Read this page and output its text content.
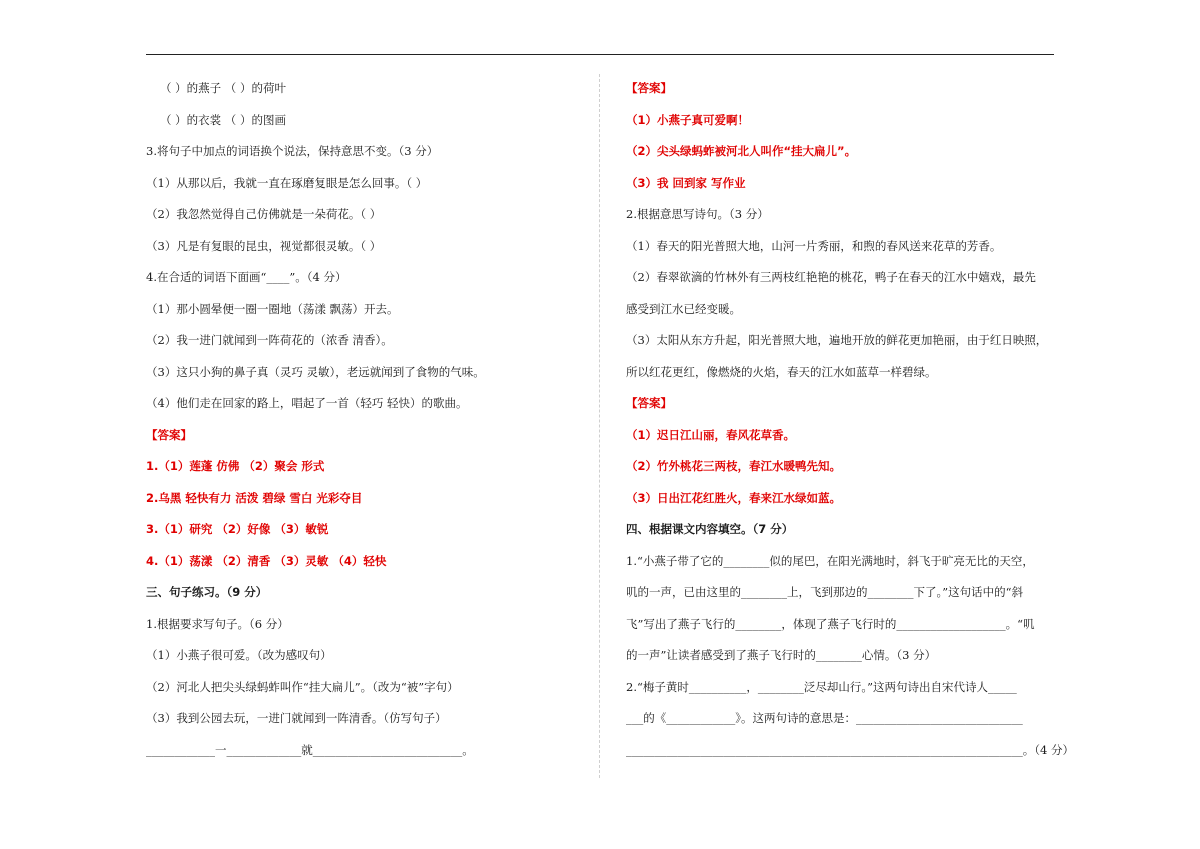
（ ）的燕子 （ ）的荷叶
（ ）的衣裳 （ ）的图画
3.将句子中加点的词语换个说法，保持意思不变。（3 分）
（1）从那以后，我就一直在琢磨复眼是怎么回事。（ ）
（2）我忽然觉得自己仿佛就是一朵荷花。（ ）
（3）凡是有复眼的昆虫，视觉都很灵敏。（ ）
4.在合适的词语下面画“____”。（4 分）
（1）那小圆晕便一圈一圈地（荡漾 飘荡）开去。
（2）我一进门就闻到一阵荷花的（浓香 清香）。
（3）这只小狗的鼻子真（灵巧 灵敏），老远就闻到了食物的气味。
（4）他们走在回家的路上，唱起了一首（轻巧 轻快）的歌曲。
【答案】
1.（1）莲蓬 仿佛 （2）聚会 形式
2.乌黑 轻快有力 活泼 碧绿 雪白 光彩夺目
3.（1）研究 （2）好像 （3）敏锐
4.（1）荡漾 （2）清香 （3）灵敏 （4）轻快
三、句子练习。（9 分）
1.根据要求写句子。（6 分）
（1）小燕子很可爱。（改为感叹句）
（2）河北人把尖头绿蚂蚱叫作“挂大扁儿”。（改为“被”字句）
（3）我到公园去玩，一进门就闻到一阵清香。（仿写句子）
____________一_____________就__________________________。
【答案】
（1）小燕子真可爱啊！
（2）尖头绿蚂蚱被河北人叫作“挂大扁儿”。
（3）我 回到家 写作业
2.根据意思写诗句。（3 分）
（1）春天的阳光普照大地，山河一片秀丽，和煦的春风送来花草的芳香。
（2）春翠欲滴的竹林外有三两枝红艳艳的桃花，鸭子在春天的江水中嬉戏，最先
感受到江水已经变暖。
（3）太阳从东方升起，阳光普照大地，遍地开放的鲜花更加艳丽，由于红日映照，
所以红花更红，像燃烧的火焰，春天的江水如蓝草一样碧绿。
【答案】
（1）迟日江山丽，春风花草香。
（2）竹外桃花三两枝，春江水暖鸭先知。
（3）日出江花红胜火，春来江水绿如蓝。
四、根据课文内容填空。（7 分）
1.“小燕子带了它的________似的尾巴，在阳光满地时，斜飞于旷亮无比的天空，
叽的一声，已由这里的________上，飞到那边的________下了。”这句话中的“斜
飞”写出了燕子飞行的________，体现了燕子飞行时的___________________。“叽
的一声”让读者感受到了燕子飞行时的________心情。（3 分）
2.“梅子黄时__________，________泛尽却山行。”这两句诗出自宋代诗人_____
___的《____________》。这两句诗的意思是：_____________________________
_____________________________________________________________________。（4 分）
